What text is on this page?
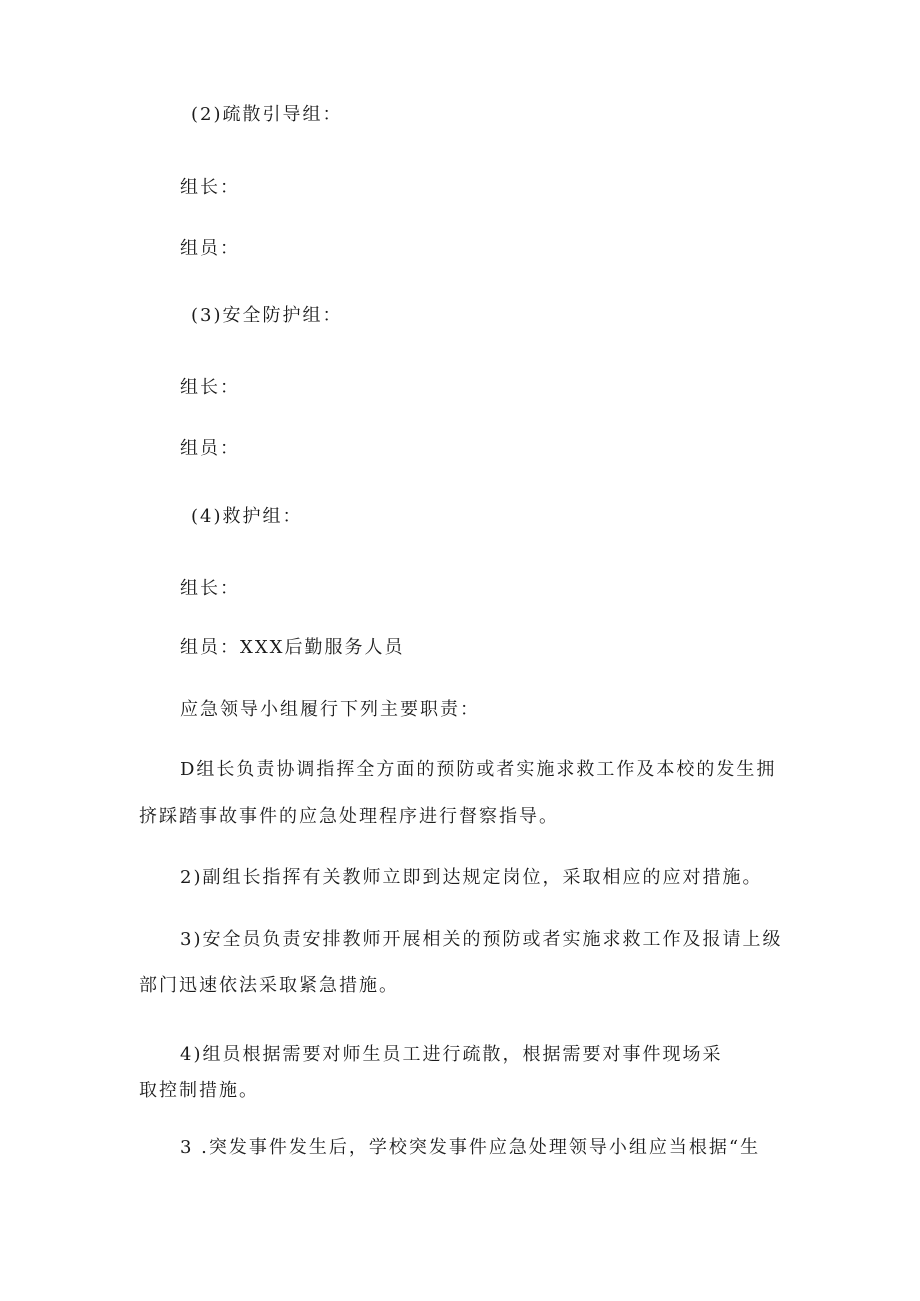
(2)疏散引导组：
组长：
组员：
(3)安全防护组：
组长：
组员：
(4)救护组：
组长：
组员：XXX后勤服务人员
应急领导小组履行下列主要职责：
D组长负责协调指挥全方面的预防或者实施求救工作及本校的发生拥
挤踩踏事故事件的应急处理程序进行督察指导。
2)副组长指挥有关教师立即到达规定岗位，采取相应的应对措施。
3)安全员负责安排教师开展相关的预防或者实施求救工作及报请上级
部门迅速依法采取紧急措施。
4)组员根据需要对师生员工进行疏散，根据需要对事件现场采
取控制措施。
3 .突发事件发生后，学校突发事件应急处理领导小组应当根据“生
